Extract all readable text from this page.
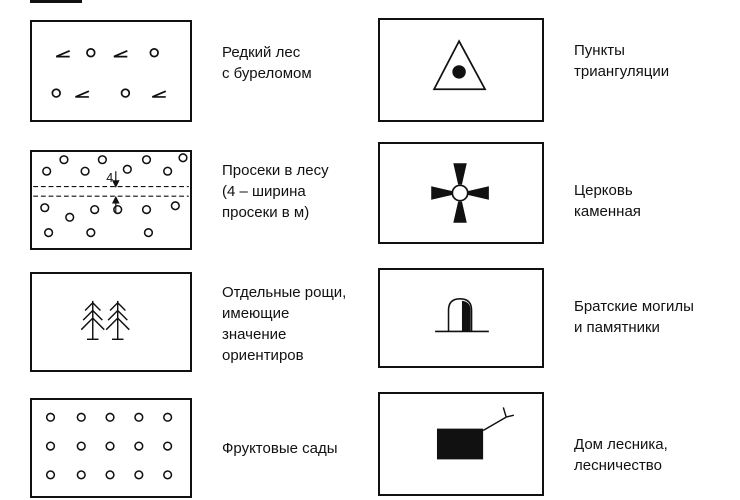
Редкий лес
с буреломом
4	Просеки в лесу
(4 – ширина
просеки в м)
Отдельные рощи,
имеющие
значение
ориентиров
Фруктовые сады
Пункты
триангуляции
Церковь
каменная
Братские могилы
и памятники
Дом лесника,
лесничество
